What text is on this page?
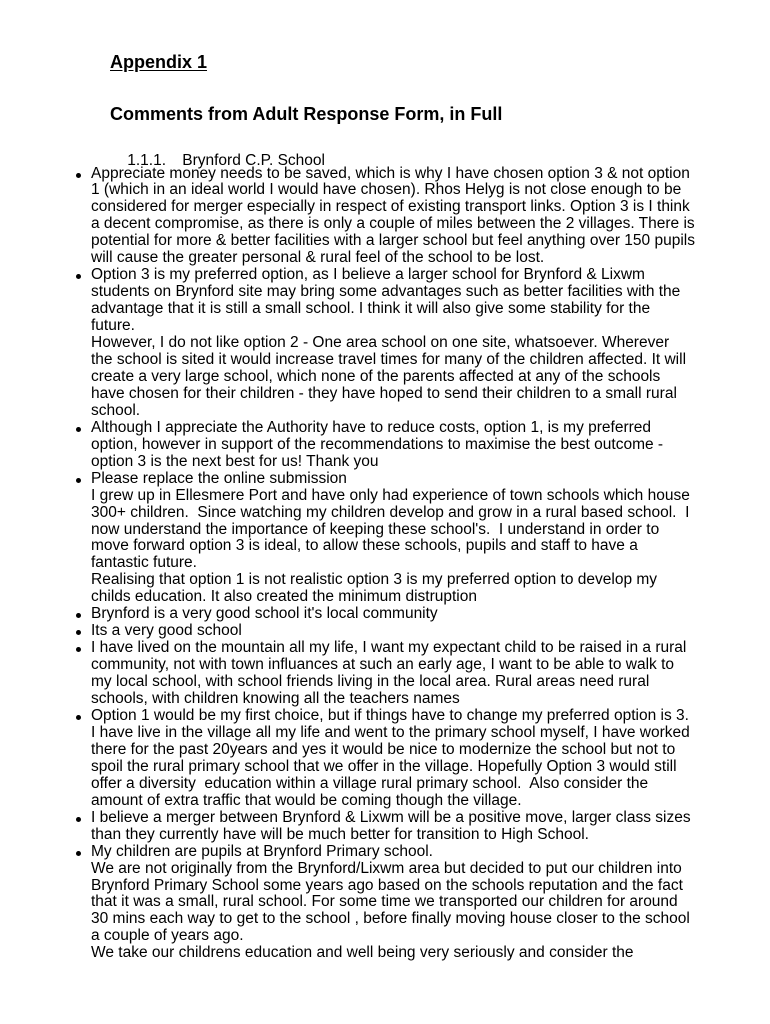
Appendix 1
Comments from Adult Response Form, in Full

1.1.1. Brynford C.P. School

Appreciate money needs to be saved, which is why I have chosen option 3 & not option
1 (which in an ideal world I would have chosen). Rhos Helyg is not close enough to be
considered for merger especially in respect of existing transport links. Option 3 is I think
a decent compromise, as there is only a couple of miles between the 2 villages. There is
potential for more & better facilities with a larger school but feel anything over 150 pupils
will cause the greater personal & rural feel of the school to be lost.
Option 3 is my preferred option, as I believe a larger school for Brynford & Lixwm
students on Brynford site may bring some advantages such as better facilities with the
advantage that it is still a small school. I think it will also give some stability for the
future.
However, I do not like option 2 - One area school on one site, whatsoever. Wherever
the school is sited it would increase travel times for many of the children affected. It will
create a very large school, which none of the parents affected at any of the schools
have chosen for their children - they have hoped to send their children to a small rural
school.
Although I appreciate the Authority have to reduce costs, option 1, is my preferred
option, however in support of the recommendations to maximise the best outcome -
option 3 is the next best for us! Thank you
Please replace the online submission
I grew up in Ellesmere Port and have only had experience of town schools which house
300+ children.  Since watching my children develop and grow in a rural based school.  I
now understand the importance of keeping these school's.  I understand in order to
move forward option 3 is ideal, to allow these schools, pupils and staff to have a
fantastic future.
Realising that option 1 is not realistic option 3 is my preferred option to develop my
childs education. It also created the minimum distruption
Brynford is a very good school it's local community
Its a very good school
I have lived on the mountain all my life, I want my expectant child to be raised in a rural
community, not with town influances at such an early age, I want to be able to walk to
my local school, with school friends living in the local area. Rural areas need rural
schools, with children knowing all the teachers names
Option 1 would be my first choice, but if things have to change my preferred option is 3.
I have live in the village all my life and went to the primary school myself, I have worked
there for the past 20years and yes it would be nice to modernize the school but not to
spoil the rural primary school that we offer in the village. Hopefully Option 3 would still
offer a diversity  education within a village rural primary school.  Also consider the
amount of extra traffic that would be coming though the village.
I believe a merger between Brynford & Lixwm will be a positive move, larger class sizes
than they currently have will be much better for transition to High School.
My children are pupils at Brynford Primary school.
We are not originally from the Brynford/Lixwm area but decided to put our children into
Brynford Primary School some years ago based on the schools reputation and the fact
that it was a small, rural school. For some time we transported our children for around
30 mins each way to get to the school , before finally moving house closer to the school
a couple of years ago.
We take our childrens education and well being very seriously and consider the
